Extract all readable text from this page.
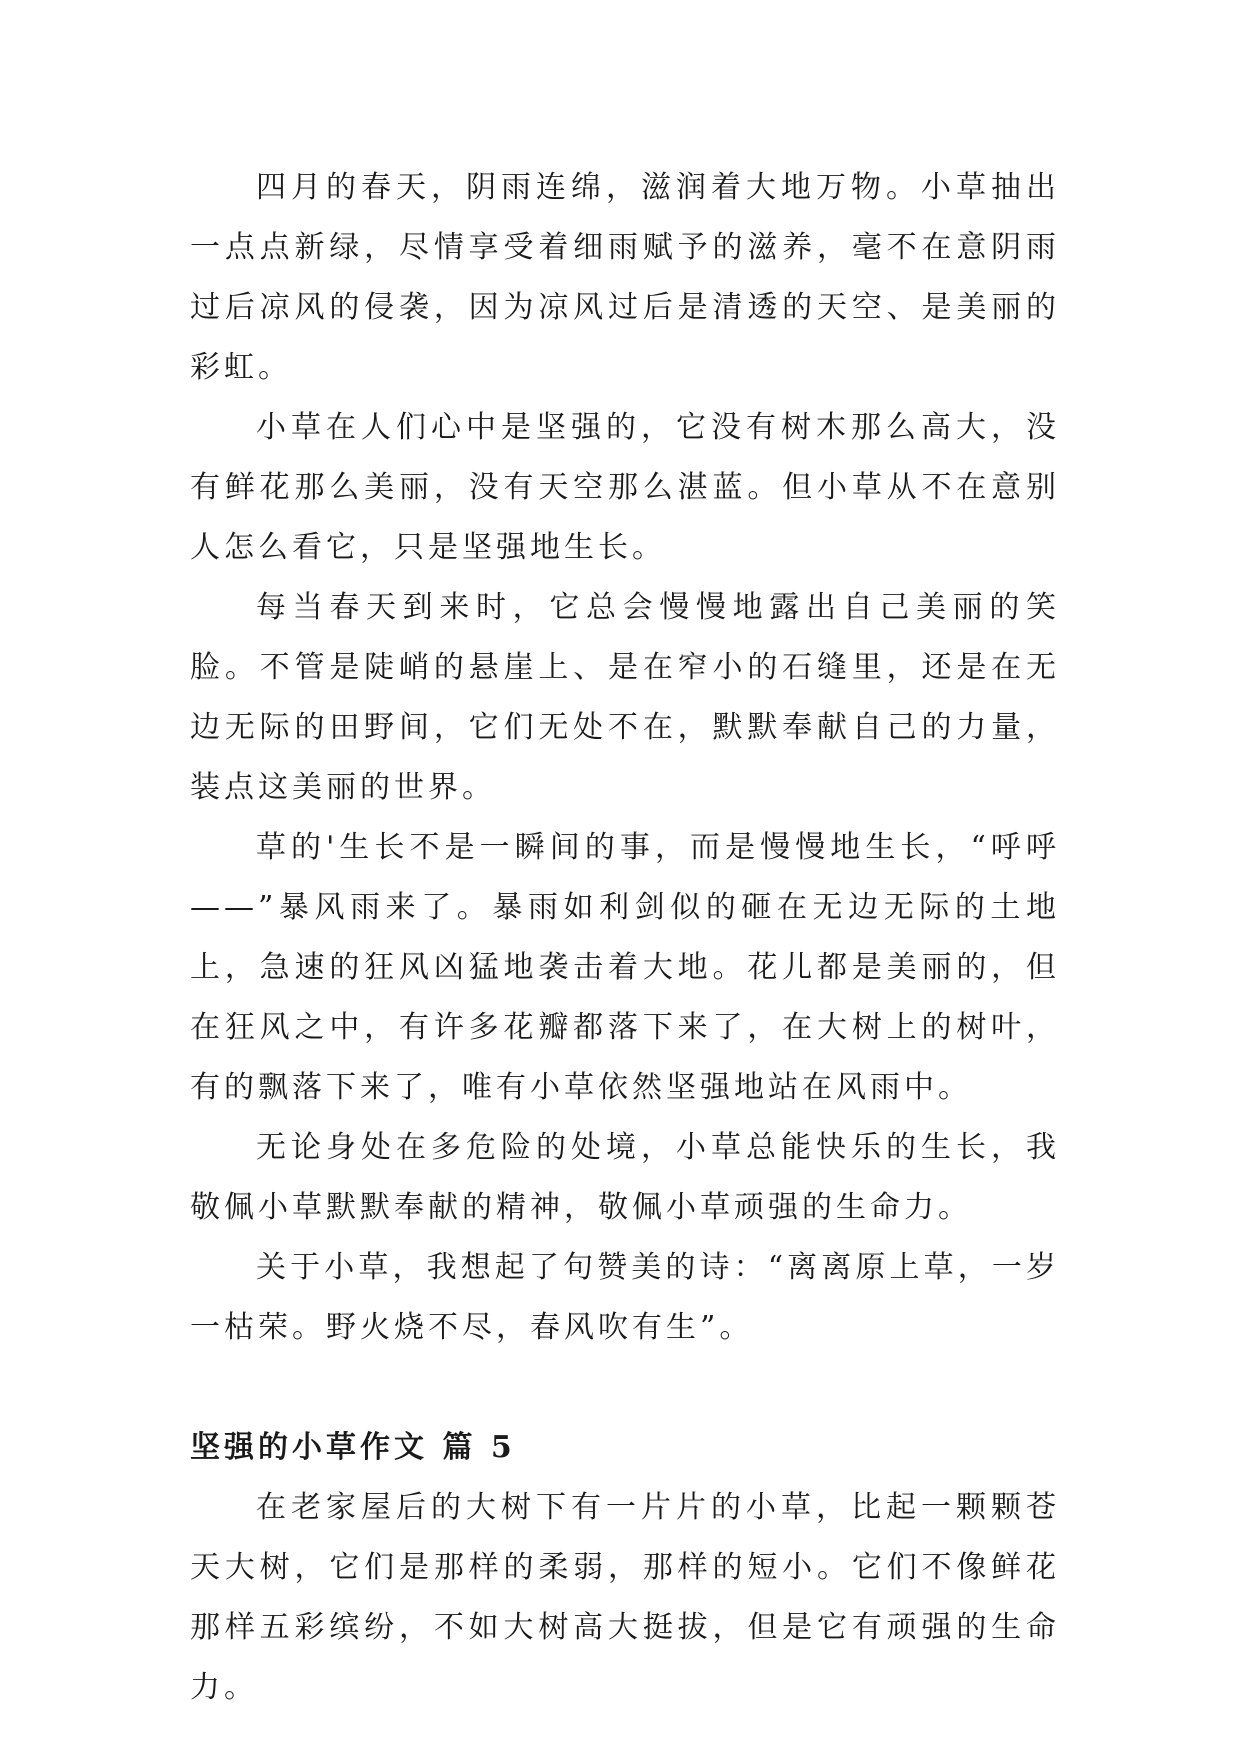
四月的春天，阴雨连绵，滋润着大地万物。小草抽出一点点新绿，尽情享受着细雨赋予的滋养，毫不在意阴雨过后凉风的侵袭，因为凉风过后是清透的天空、是美丽的彩虹。

小草在人们心中是坚强的，它没有树木那么高大，没有鲜花那么美丽，没有天空那么湛蓝。但小草从不在意别人怎么看它，只是坚强地生长。

每当春天到来时，它总会慢慢地露出自己美丽的笑脸。不管是陡峭的悬崖上、是在窄小的石缝里，还是在无边无际的田野间，它们无处不在，默默奉献自己的力量，装点这美丽的世界。

草的'生长不是一瞬间的事，而是慢慢地生长，“呼呼——”暴风雨来了。暴雨如利剑似的砸在无边无际的土地上，急速的狂风凶猛地袭击着大地。花儿都是美丽的，但在狂风之中，有许多花瓣都落下来了，在大树上的树叶，有的飘落下来了，唯有小草依然坚强地站在风雨中。

无论身处在多危险的处境，小草总能快乐的生长，我敬佩小草默默奉献的精神，敬佩小草顽强的生命力。

关于小草，我想起了句赞美的诗：“离离原上草，一岁一枯荣。野火烧不尽，春风吹有生”。

坚强的小草作文 篇 5

在老家屋后的大树下有一片片的小草，比起一颗颗苍天大树，它们是那样的柔弱，那样的短小。它们不像鲜花那样五彩缤纷，不如大树高大挺拔，但是它有顽强的生命力。
